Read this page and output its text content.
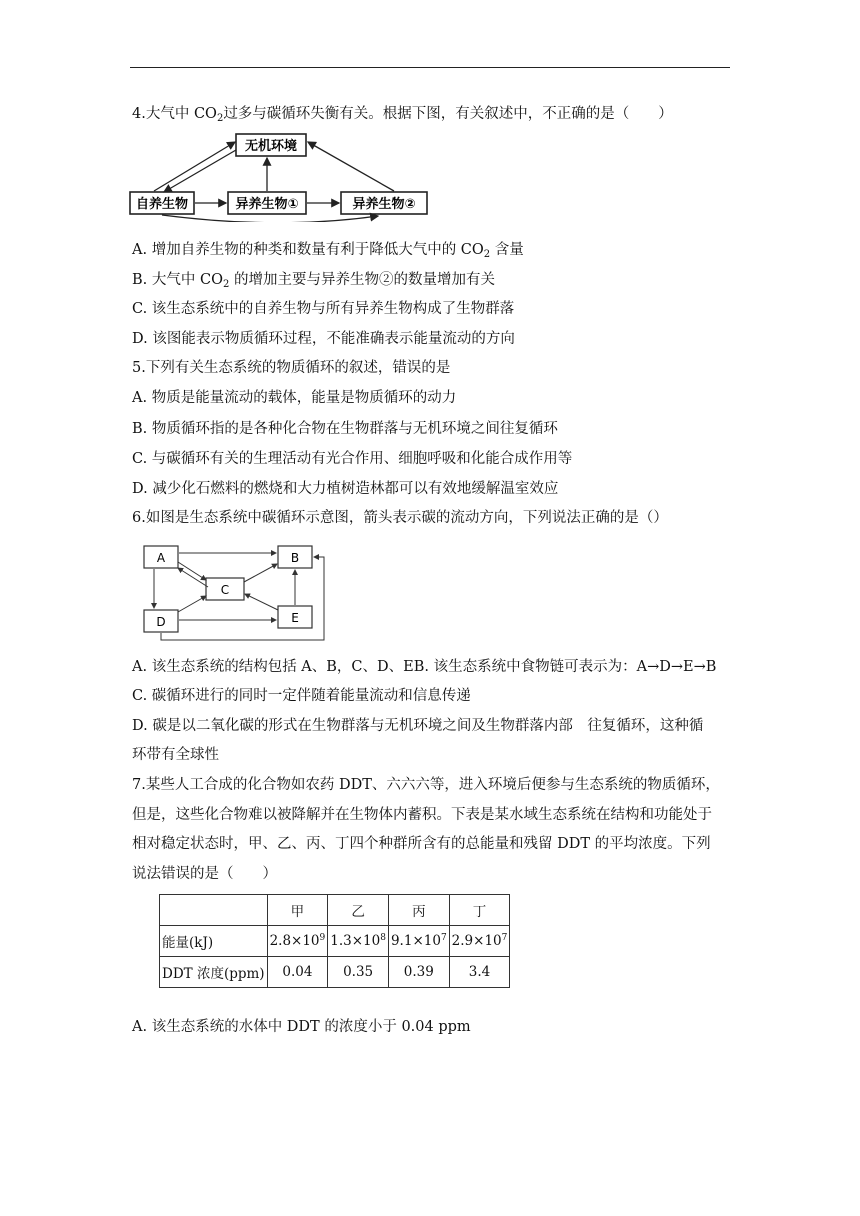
4.大气中 $CO_2$过多与碳循环失衡有关。根据下图，有关叙述中，不正确的是（　　）
无机环境
自养生物	异养生物①	异养生物②
A. 增加自养生物的种类和数量有利于降低大气中的 $CO_2$ 含量
B. 大气中 $CO_2$ 的增加主要与异养生物②的数量增加有关
C. 该生态系统中的自养生物与所有异养生物构成了生物群落
D. 该图能表示物质循环过程，不能准确表示能量流动的方向
5.下列有关生态系统的物质循环的叙述，错误的是
A. 物质是能量流动的载体，能量是物质循环的动力
B. 物质循环指的是各种化合物在生物群落与无机环境之间往复循环
C. 与碳循环有关的生理活动有光合作用、细胞呼吸和化能合成作用等
D. 减少化石燃料的燃烧和大力植树造林都可以有效地缓解温室效应
6.如图是生态系统中碳循环示意图，箭头表示碳的流动方向，下列说法正确的是（）
A	B
C
D	E
A. 该生态系统的结构包括 A、B，C、D、EB. 该生态系统中食物链可表示为：A→D→E→B
C. 碳循环进行的同时一定伴随着能量流动和信息传递
D. 碳是以二氧化碳的形式在生物群落与无机环境之间及生物群落内部　往复循环，这种循
环带有全球性
7.某些人工合成的化合物如农药 DDT、六六六等，进入环境后便参与生态系统的物质循环，
但是，这些化合物难以被降解并在生物体内蓄积。下表是某水域生态系统在结构和功能处于
相对稳定状态时，甲、乙、丙、丁四个种群所含有的总能量和残留 DDT 的平均浓度。下列
说法错误的是（　　）
	甲	乙	丙	丁
能量(kJ)	$2.8\times 10^9$	$1.3\times 10^8$	$9.1\times 10^7$	$2.9\times 10^7$
DDT 浓度(ppm)	0.04	0.35	0.39	3.4
A. 该生态系统的水体中 DDT 的浓度小于 0.04 ppm
